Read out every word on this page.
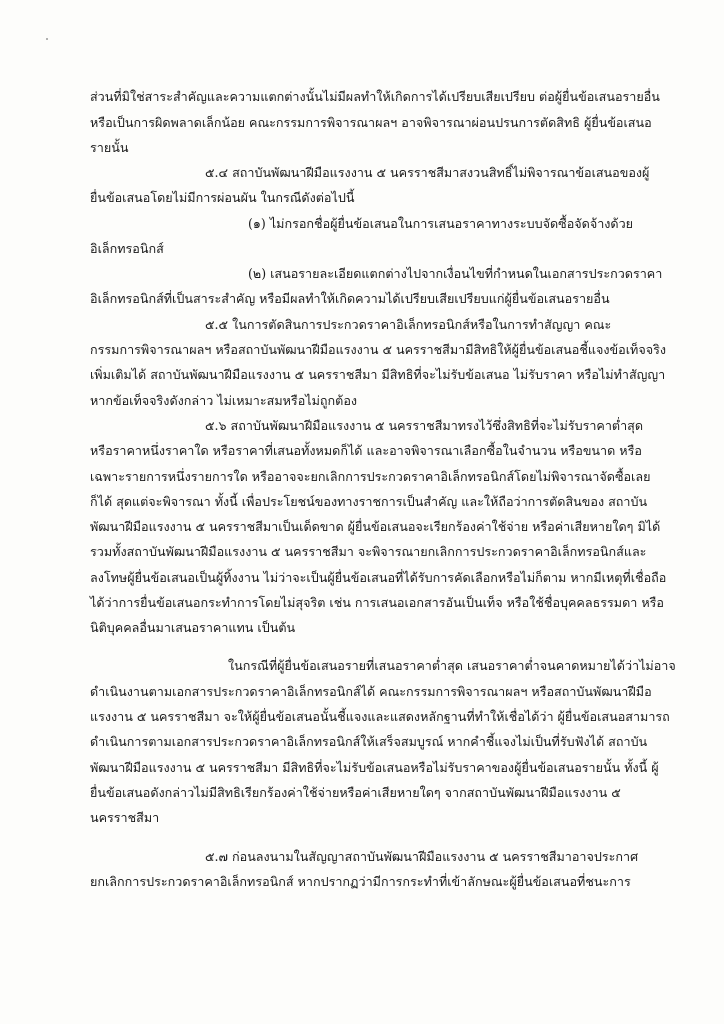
ส่วนที่มิใช่สาระสำคัญและความแตกต่างนั้นไม่มีผลทำให้เกิดการได้เปรียบเสียเปรียบ ต่อผู้ยื่นข้อเสนอรายอื่น
หรือเป็นการผิดพลาดเล็กน้อย คณะกรรมการพิจารณาผลฯ อาจพิจารณาผ่อนปรนการตัดสิทธิ ผู้ยื่นข้อเสนอ
รายนั้น
๕.๔ สถาบันพัฒนาฝีมือแรงงาน ๕ นครราชสีมาสงวนสิทธิ์ไม่พิจารณาข้อเสนอของผู้
ยื่นข้อเสนอโดยไม่มีการผ่อนผัน ในกรณีดังต่อไปนี้
(๑) ไม่กรอกชื่อผู้ยื่นข้อเสนอในการเสนอราคาทางระบบจัดซื้อจัดจ้างด้วย
อิเล็กทรอนิกส์
(๒) เสนอรายละเอียดแตกต่างไปจากเงื่อนไขที่กำหนดในเอกสารประกวดราคา
อิเล็กทรอนิกส์ที่เป็นสาระสำคัญ หรือมีผลทำให้เกิดความได้เปรียบเสียเปรียบแก่ผู้ยื่นข้อเสนอรายอื่น
๕.๕ ในการตัดสินการประกวดราคาอิเล็กทรอนิกส์หรือในการทำสัญญา คณะ
กรรมการพิจารณาผลฯ หรือสถาบันพัฒนาฝีมือแรงงาน ๕ นครราชสีมามีสิทธิให้ผู้ยื่นข้อเสนอชี้แจงข้อเท็จจริง
เพิ่มเติมได้ สถาบันพัฒนาฝีมือแรงงาน ๕ นครราชสีมา มีสิทธิที่จะไม่รับข้อเสนอ ไม่รับราคา หรือไม่ทำสัญญา
หากข้อเท็จจริงดังกล่าว ไม่เหมาะสมหรือไม่ถูกต้อง
๕.๖ สถาบันพัฒนาฝีมือแรงงาน ๕ นครราชสีมาทรงไว้ซึ่งสิทธิที่จะไม่รับราคาต่ำสุด
หรือราคาหนึ่งราคาใด หรือราคาที่เสนอทั้งหมดก็ได้ และอาจพิจารณาเลือกซื้อในจำนวน หรือขนาด หรือ
เฉพาะรายการหนึ่งรายการใด หรืออาจจะยกเลิกการประกวดราคาอิเล็กทรอนิกส์โดยไม่พิจารณาจัดซื้อเลย
ก็ได้ สุดแต่จะพิจารณา ทั้งนี้ เพื่อประโยชน์ของทางราชการเป็นสำคัญ และให้ถือว่าการตัดสินของ สถาบัน
พัฒนาฝีมือแรงงาน ๕ นครราชสีมาเป็นเด็ดขาด ผู้ยื่นข้อเสนอจะเรียกร้องค่าใช้จ่าย หรือค่าเสียหายใดๆ มิได้
รวมทั้งสถาบันพัฒนาฝีมือแรงงาน ๕ นครราชสีมา จะพิจารณายกเลิกการประกวดราคาอิเล็กทรอนิกส์และ
ลงโทษผู้ยื่นข้อเสนอเป็นผู้ทิ้งงาน ไม่ว่าจะเป็นผู้ยื่นข้อเสนอที่ได้รับการคัดเลือกหรือไม่ก็ตาม หากมีเหตุที่เชื่อถือ
ได้ว่าการยื่นข้อเสนอกระทำการโดยไม่สุจริต เช่น การเสนอเอกสารอันเป็นเท็จ หรือใช้ชื่อบุคคลธรรมดา หรือ
นิติบุคคลอื่นมาเสนอราคาแทน เป็นต้น
ในกรณีที่ผู้ยื่นข้อเสนอรายที่เสนอราคาต่ำสุด เสนอราคาต่ำจนคาดหมายได้ว่าไม่อาจ
ดำเนินงานตามเอกสารประกวดราคาอิเล็กทรอนิกส์ได้ คณะกรรมการพิจารณาผลฯ หรือสถาบันพัฒนาฝีมือ
แรงงาน ๕ นครราชสีมา จะให้ผู้ยื่นข้อเสนอนั้นชี้แจงและแสดงหลักฐานที่ทำให้เชื่อได้ว่า ผู้ยื่นข้อเสนอสามารถ
ดำเนินการตามเอกสารประกวดราคาอิเล็กทรอนิกส์ให้เสร็จสมบูรณ์ หากคำชี้แจงไม่เป็นที่รับฟังได้ สถาบัน
พัฒนาฝีมือแรงงาน ๕ นครราชสีมา มีสิทธิที่จะไม่รับข้อเสนอหรือไม่รับราคาของผู้ยื่นข้อเสนอรายนั้น ทั้งนี้ ผู้
ยื่นข้อเสนอดังกล่าวไม่มีสิทธิเรียกร้องค่าใช้จ่ายหรือค่าเสียหายใดๆ จากสถาบันพัฒนาฝีมือแรงงาน ๕
นครราชสีมา
๕.๗ ก่อนลงนามในสัญญาสถาบันพัฒนาฝีมือแรงงาน ๕ นครราชสีมาอาจประกาศ
ยกเลิกการประกวดราคาอิเล็กทรอนิกส์ หากปรากฏว่ามีการกระทำที่เข้าลักษณะผู้ยื่นข้อเสนอที่ชนะการ
